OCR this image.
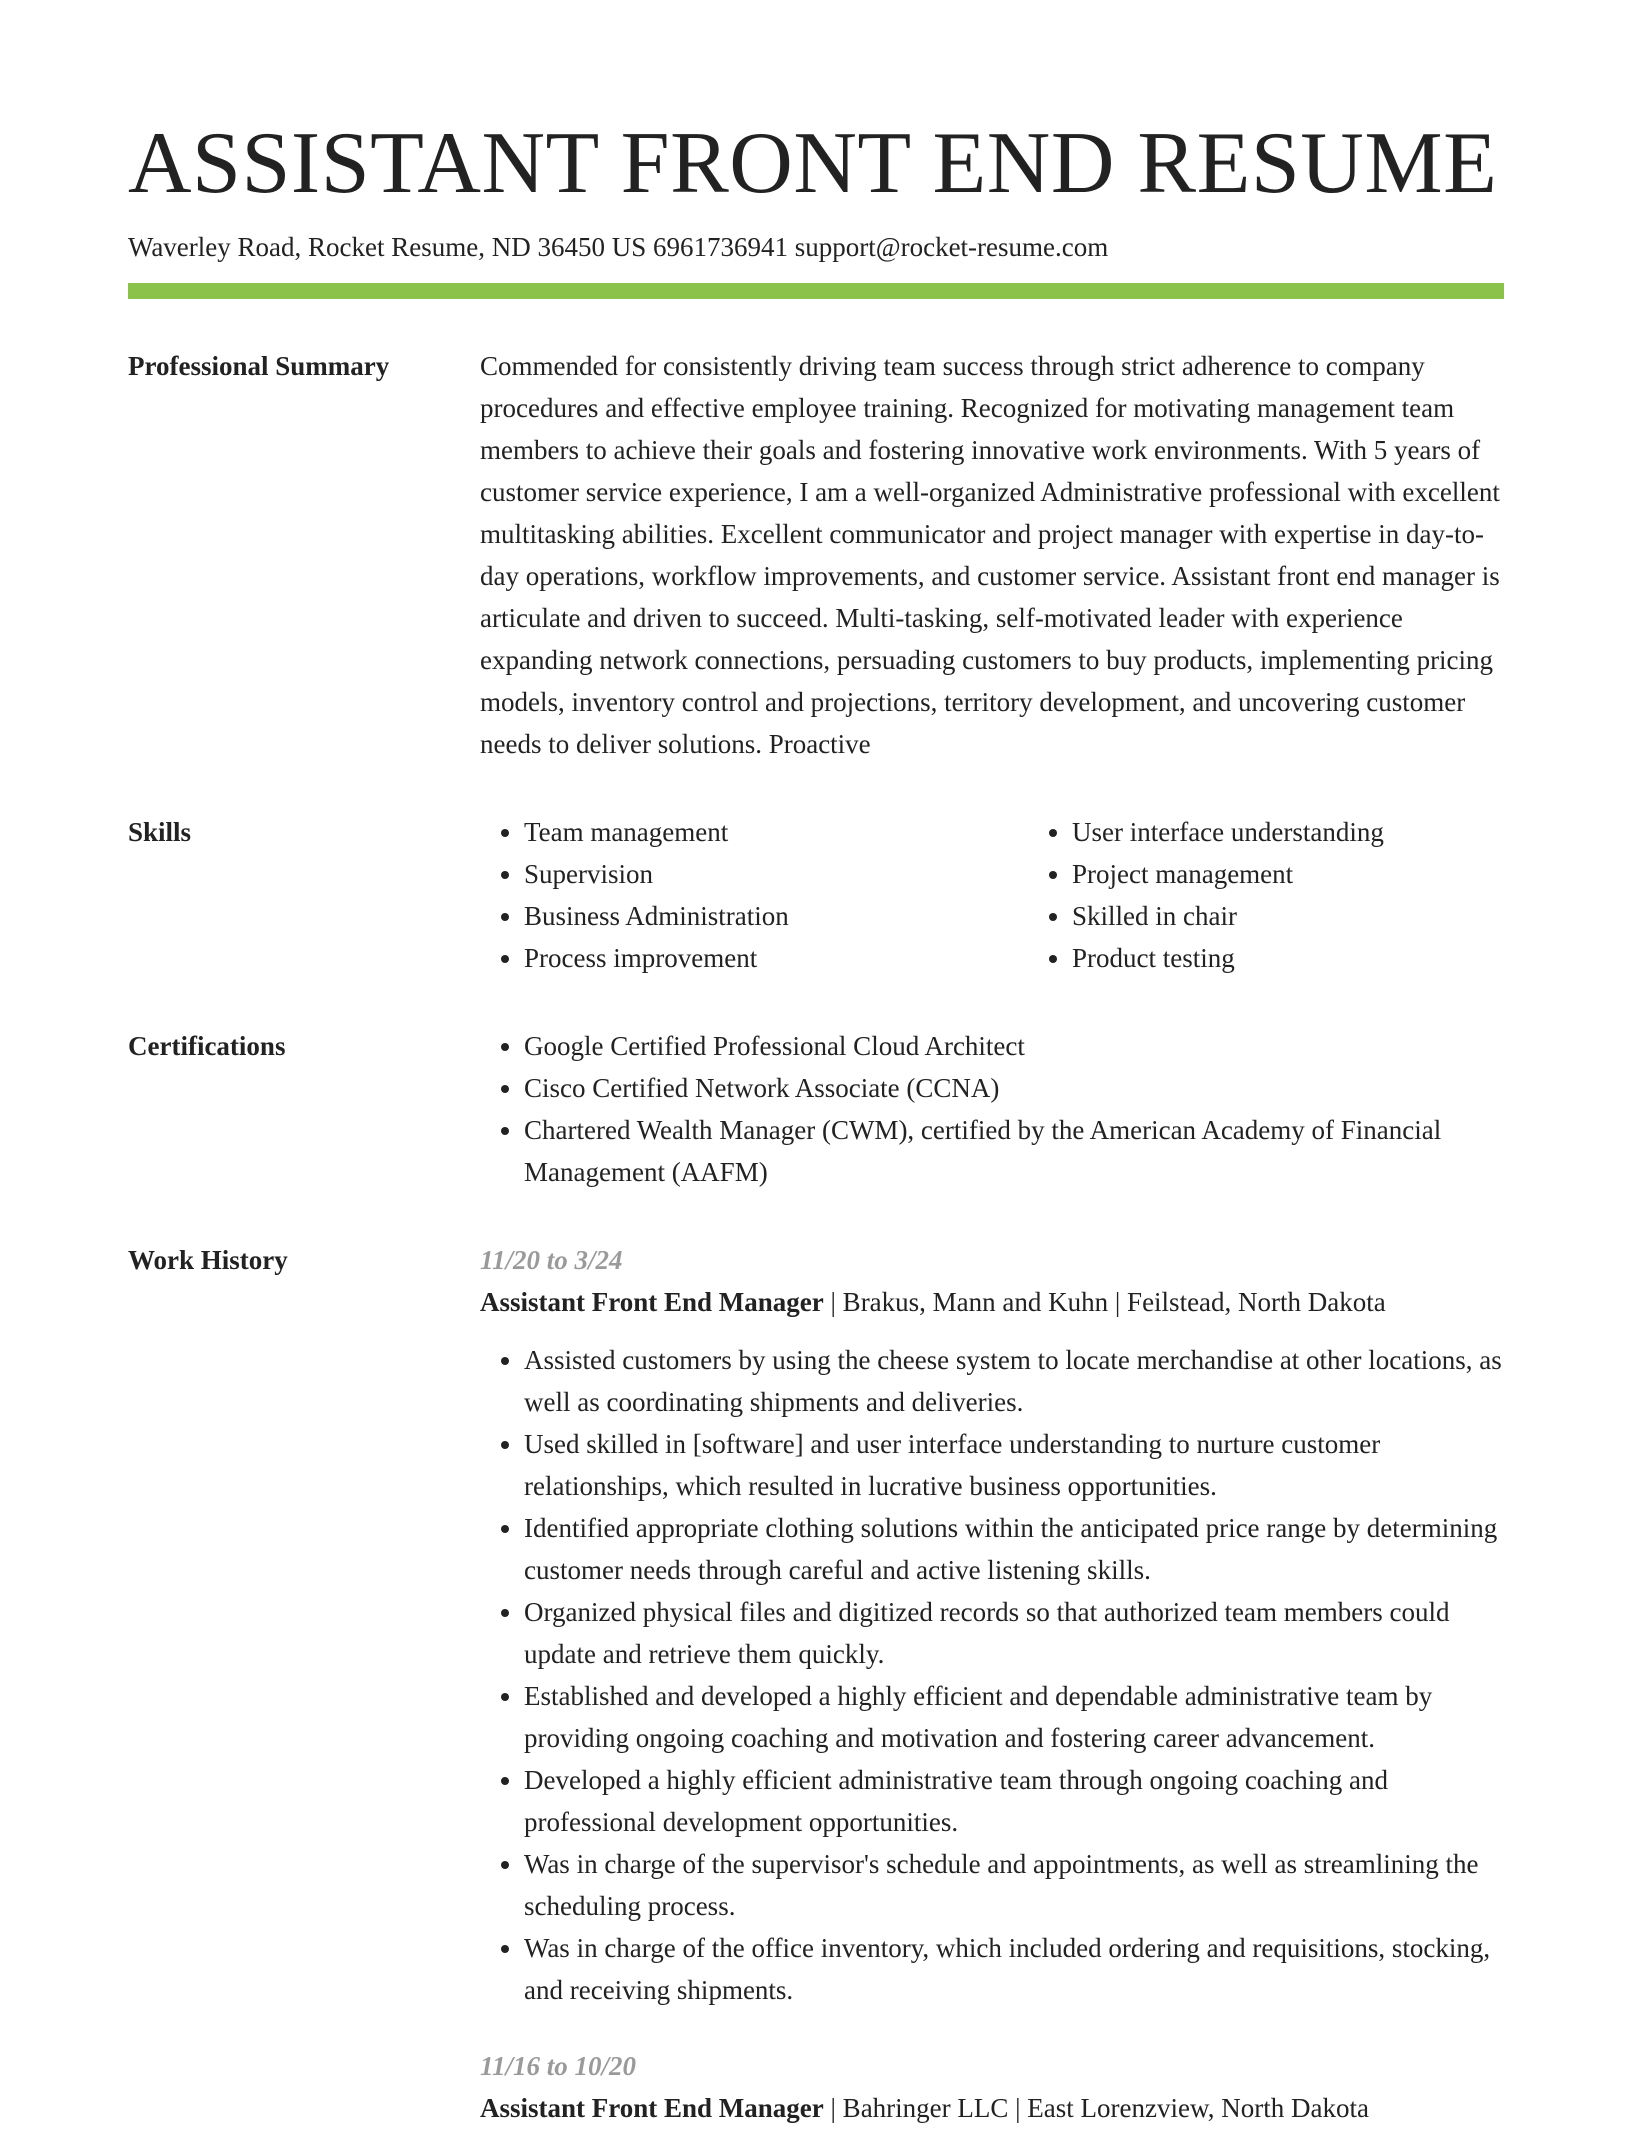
ASSISTANT FRONT END RESUME
Waverley Road, Rocket Resume, ND 36450 US 6961736941 support@rocket-resume.com
Professional Summary	Commended for consistently driving team success through strict adherence to company procedures and effective employee training. Recognized for motivating management team members to achieve their goals and fostering innovative work environments. With 5 years of customer service experience, I am a well-organized Administrative professional with excellent multitasking abilities. Excellent communicator and project manager with expertise in day-to-day operations, workflow improvements, and customer service. Assistant front end manager is articulate and driven to succeed. Multi-tasking, self-motivated leader with experience expanding network connections, persuading customers to buy products, implementing pricing models, inventory control and projections, territory development, and uncovering customer needs to deliver solutions. Proactive

Skills	• Team management
• Supervision
• Business Administration
• Process improvement
• User interface understanding
• Project management
• Skilled in chair
• Product testing
Certifications	• Google Certified Professional Cloud Architect
• Cisco Certified Network Associate (CCNA)
• Chartered Wealth Manager (CWM), certified by the American Academy of Financial Management (AAFM)
Work History	11/20 to 3/24
Assistant Front End Manager | Brakus, Mann and Kuhn | Feilstead, North Dakota
• Assisted customers by using the cheese system to locate merchandise at other locations, as well as coordinating shipments and deliveries.
• Used skilled in [software] and user interface understanding to nurture customer relationships, which resulted in lucrative business opportunities.
• Identified appropriate clothing solutions within the anticipated price range by determining customer needs through careful and active listening skills.
• Organized physical files and digitized records so that authorized team members could update and retrieve them quickly.
• Established and developed a highly efficient and dependable administrative team by providing ongoing coaching and motivation and fostering career advancement.
• Developed a highly efficient administrative team through ongoing coaching and professional development opportunities.
• Was in charge of the supervisor's schedule and appointments, as well as streamlining the scheduling process.
• Was in charge of the office inventory, which included ordering and requisitions, stocking, and receiving shipments.
11/16 to 10/20
Assistant Front End Manager | Bahringer LLC | East Lorenzview, North Dakota
